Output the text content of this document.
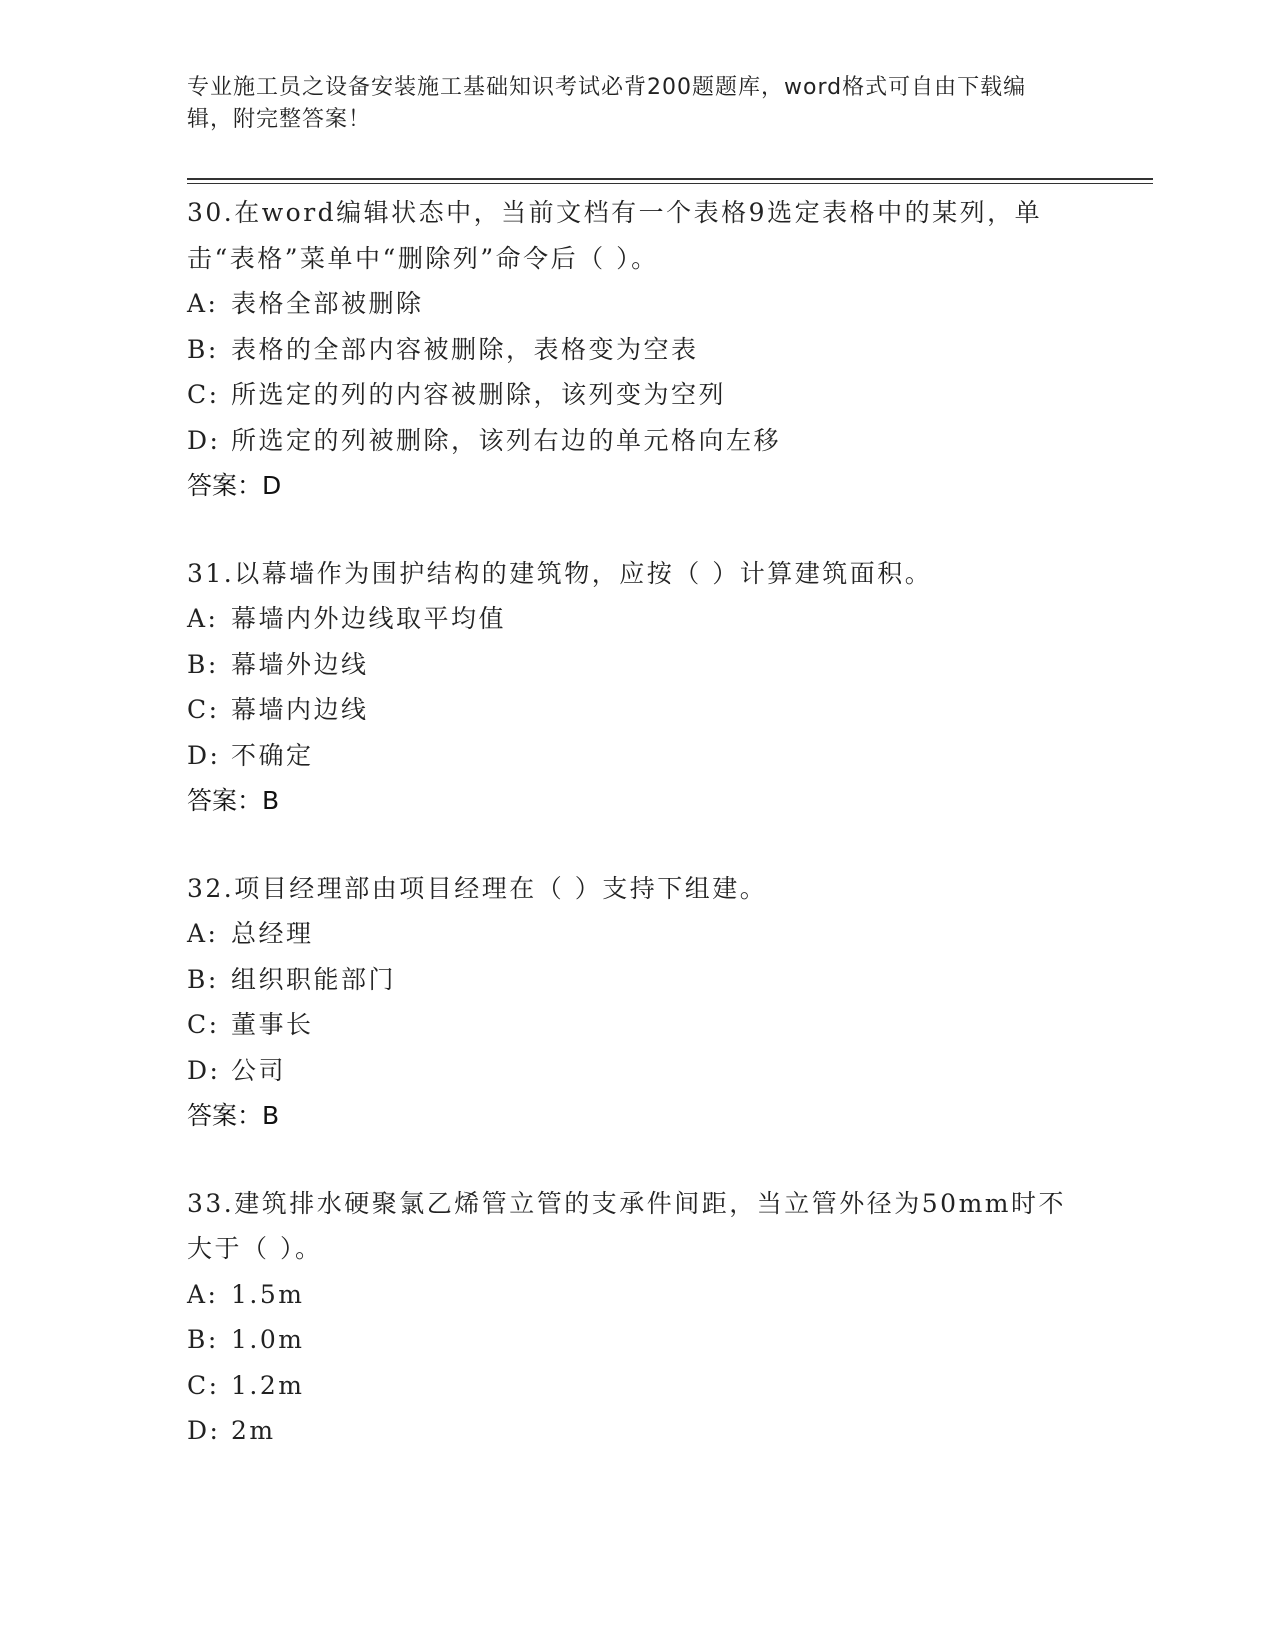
专业施工员之设备安装施工基础知识考试必背200题题库，word格式可自由下载编辑，附完整答案！

30.在word编辑状态中，当前文档有一个表格9选定表格中的某列，单击“表格”菜单中“删除列”命令后（ ）。

A: 表格全部被删除

B: 表格的全部内容被删除，表格变为空表

C: 所选定的列的内容被删除，该列变为空列

D: 所选定的列被删除，该列右边的单元格向左移

答案：D

31.以幕墙作为围护结构的建筑物，应按（ ）计算建筑面积。

A: 幕墙内外边线取平均值

B: 幕墙外边线

C: 幕墙内边线

D: 不确定

答案：B

32.项目经理部由项目经理在（ ）支持下组建。

A: 总经理

B: 组织职能部门

C: 董事长

D: 公司

答案：B

33.建筑排水硬聚氯乙烯管立管的支承件间距，当立管外径为50mm时不大于（ ）。

A: 1.5m

B: 1.0m

C: 1.2m

D: 2m
